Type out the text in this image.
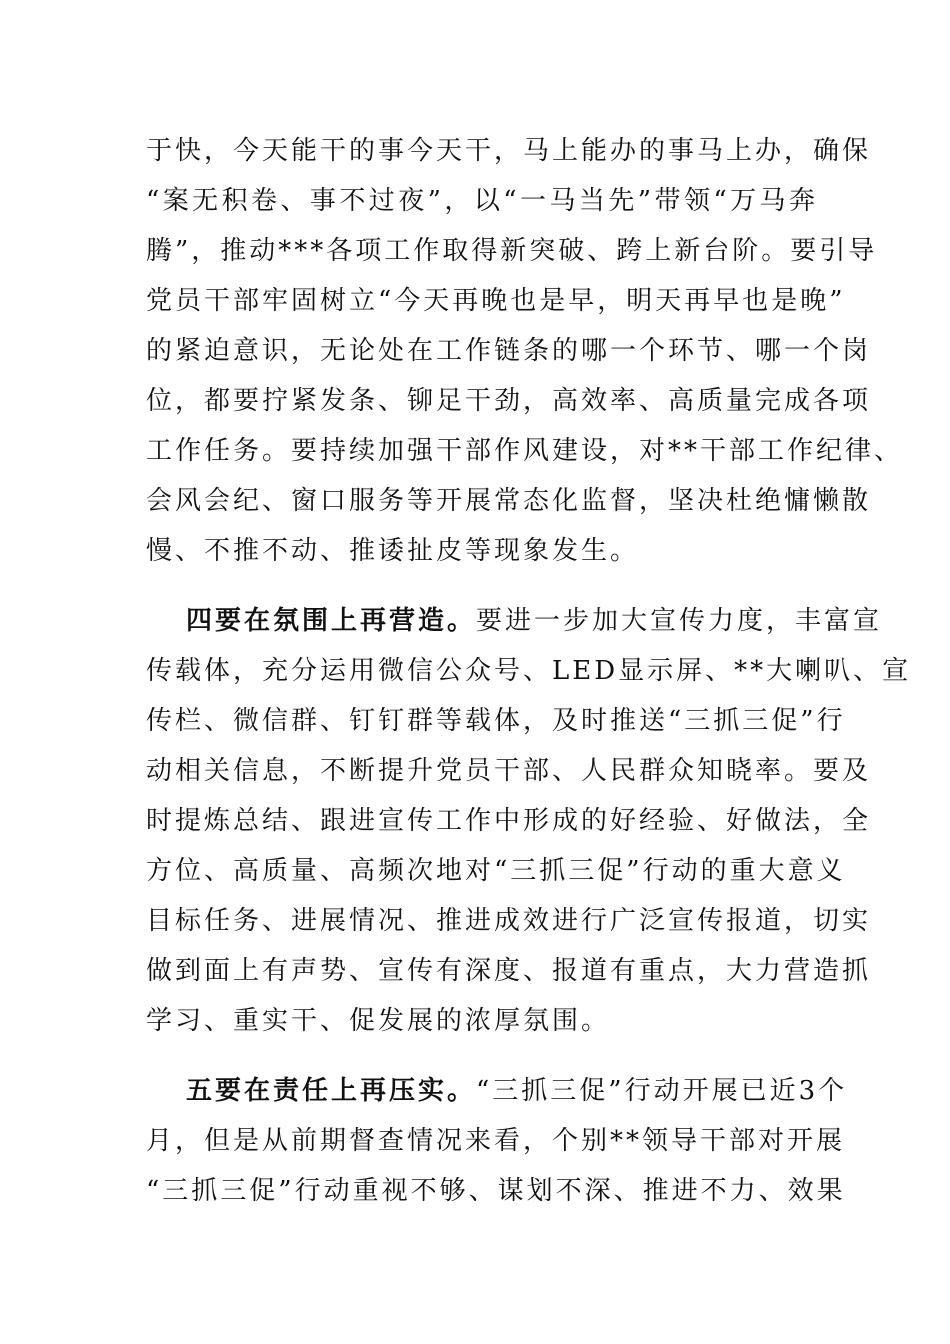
于快，今天能干的事今天干，马上能办的事马上办，确保
“案无积卷、事不过夜”，以“一马当先”带领“万马奔
腾”，推动***各项工作取得新突破、跨上新台阶。要引导
党员干部牢固树立“今天再晚也是早，明天再早也是晚”
的紧迫意识，无论处在工作链条的哪一个环节、哪一个岗
位，都要拧紧发条、铆足干劲，高效率、高质量完成各项
工作任务。要持续加强干部作风建设，对**干部工作纪律、
会风会纪、窗口服务等开展常态化监督，坚决杜绝慵懒散
慢、不推不动、推诿扯皮等现象发生。
四要在氛围上再营造。要进一步加大宣传力度，丰富宣
传载体，充分运用微信公众号、LED显示屏、**大喇叭、宣
传栏、微信群、钉钉群等载体，及时推送“三抓三促”行
动相关信息，不断提升党员干部、人民群众知晓率。要及
时提炼总结、跟进宣传工作中形成的好经验、好做法，全
方位、高质量、高频次地对“三抓三促”行动的重大意义
目标任务、进展情况、推进成效进行广泛宣传报道，切实
做到面上有声势、宣传有深度、报道有重点，大力营造抓
学习、重实干、促发展的浓厚氛围。
五要在责任上再压实。“三抓三促”行动开展已近3个
月，但是从前期督查情况来看，个别**领导干部对开展
“三抓三促”行动重视不够、谋划不深、推进不力、效果
